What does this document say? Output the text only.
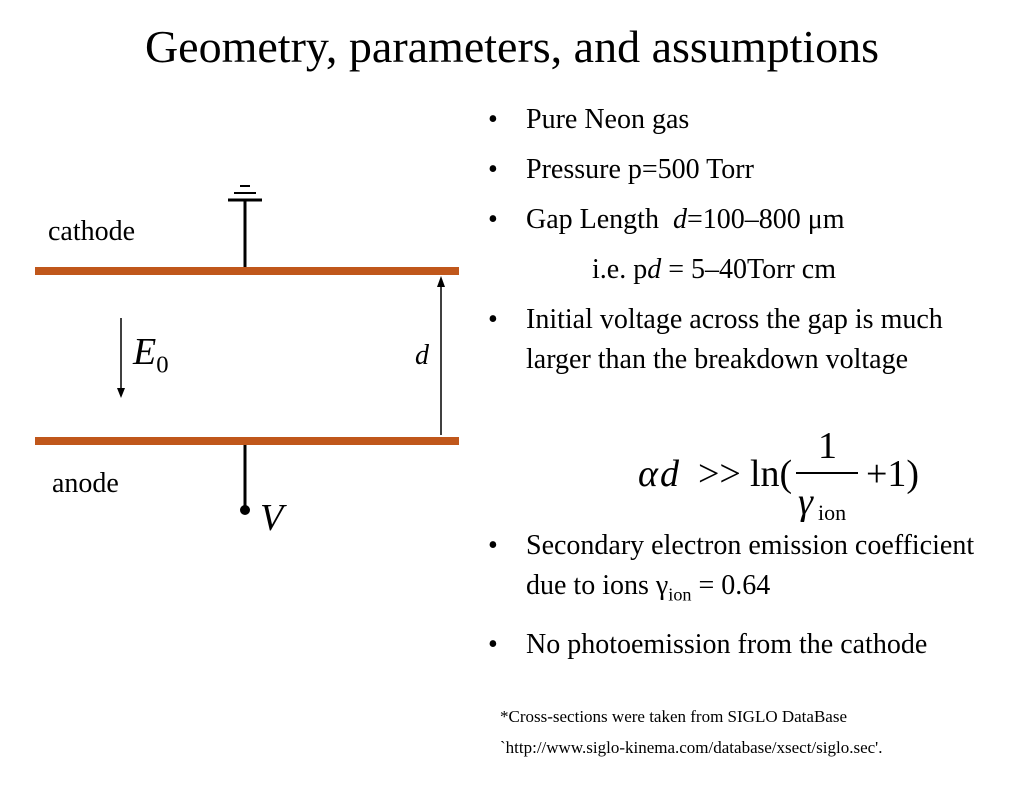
Geometry, parameters, and assumptions
cathode
anode
$E_0$	d
V
• Pure Neon gas
• Pressure p=500 Torr
• Gap Length  d=100–800 μm
i.e. pd = 5–40Torr cm
• Initial voltage across the gap is much larger than the breakdown voltage
α d >> ln(
1
γ ion
+1)
• Secondary electron emission coefficient due to ions $\gamma_{ion} = 0.64$
• No photoemission from the cathode
*Cross-sections were taken from SIGLO DataBase
`http://www.siglo-kinema.com/database/xsect/siglo.sec'.
